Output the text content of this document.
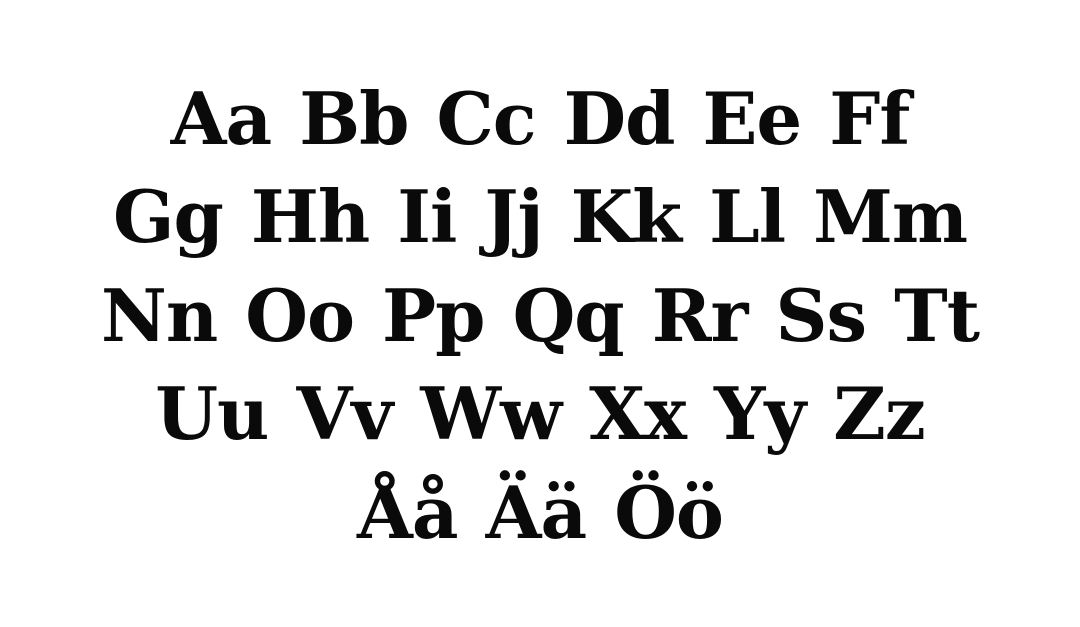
Aa Bb Cc Dd Ee Ff
Gg Hh Ii Jj Kk Ll Mm
Nn Oo Pp Qq Rr Ss Tt
Uu Vv Ww Xx Yy Zz
Åå Ää Öö
